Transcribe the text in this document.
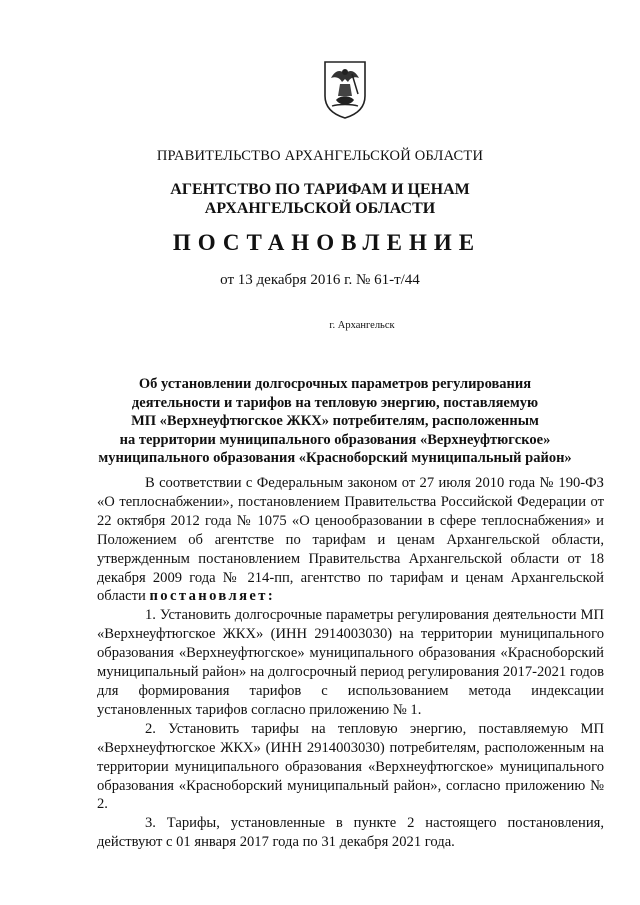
ПРАВИТЕЛЬСТВО АРХАНГЕЛЬСКОЙ ОБЛАСТИ
АГЕНТСТВО ПО ТАРИФАМ И ЦЕНАМ
АРХАНГЕЛЬСКОЙ ОБЛАСТИ
ПОСТАНОВЛЕНИЕ
от 13 декабря 2016 г. № 61-т/44
г. Архангельск
Об установлении долгосрочных параметров регулирования
деятельности и тарифов на тепловую энергию, поставляемую
МП «Верхнеуфтюгское ЖКХ» потребителям, расположенным
на территории муниципального образования «Верхнеуфтюгское»
муниципального образования «Красноборский муниципальный район»

В соответствии с Федеральным законом от 27 июля 2010 года № 190-ФЗ «О теплоснабжении», постановлением Правительства Российской Федерации от 22 октября 2012 года № 1075 «О ценообразовании в сфере теплоснабжения» и Положением об агентстве по тарифам и ценам Архангельской области, утвержденным постановлением Правительства Архангельской области от 18 декабря 2009 года № 214-пп, агентство по тарифам и ценам Архангельской области постановляет:

1. Установить долгосрочные параметры регулирования деятельности МП «Верхнеуфтюгское ЖКХ» (ИНН 2914003030) на территории муниципального образования «Верхнеуфтюгское» муниципального образования «Красноборский муниципальный район» на долгосрочный период регулирования 2017-2021 годов для формирования тарифов с использованием метода индексации установленных тарифов согласно приложению № 1.

2. Установить тарифы на тепловую энергию, поставляемую МП «Верхнеуфтюгское ЖКХ» (ИНН 2914003030) потребителям, расположенным на территории муниципального образования «Верхнеуфтюгское» муниципального образования «Красноборский муниципальный район», согласно приложению № 2.

3. Тарифы, установленные в пункте 2 настоящего постановления, действуют с 01 января 2017 года по 31 декабря 2021 года.
